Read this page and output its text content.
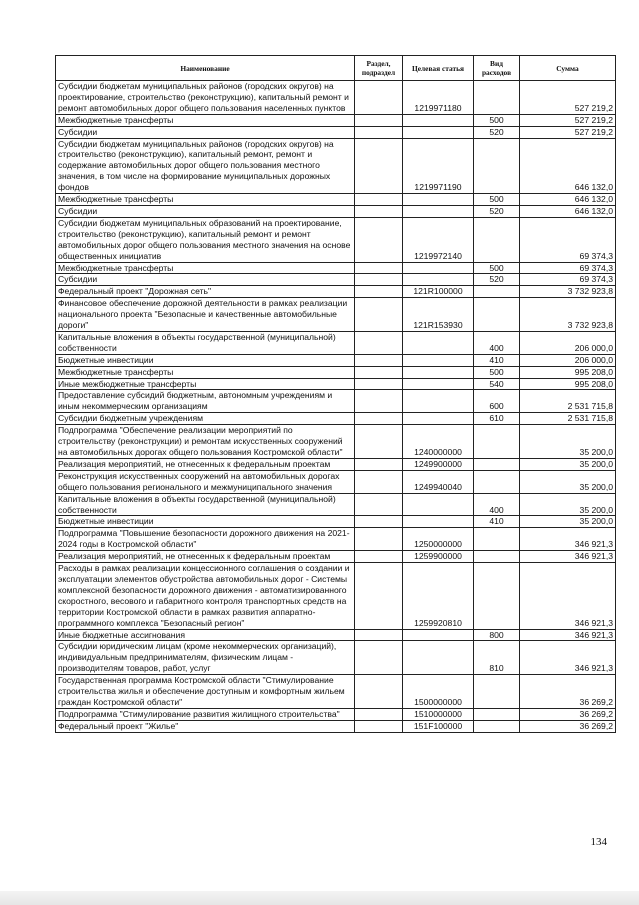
Наименование	Раздел, подраздел	Целевая статья	Вид расходов	Сумма
Субсидии бюджетам муниципальных районов (городских округов) на проектирование, строительство (реконструкцию), капитальный ремонт и ремонт автомобильных дорог общего пользования населенных пунктов		1219971180		527 219,2
Межбюджетные трансферты			500	527 219,2
Субсидии			520	527 219,2
Субсидии бюджетам муниципальных районов (городских округов) на строительство (реконструкцию), капитальный ремонт, ремонт и содержание автомобильных дорог общего пользования местного значения, в том числе на формирование муниципальных дорожных фондов		1219971190		646 132,0
Межбюджетные трансферты			500	646 132,0
Субсидии			520	646 132,0
Субсидии бюджетам муниципальных образований на проектирование, строительство (реконструкцию), капитальный ремонт и ремонт автомобильных дорог общего пользования местного значения на основе общественных инициатив		1219972140		69 374,3
Межбюджетные трансферты			500	69 374,3
Субсидии			520	69 374,3
Федеральный проект "Дорожная сеть"		121R100000		3 732 923,8
Финансовое обеспечение дорожной деятельности в рамках реализации национального проекта "Безопасные и качественные автомобильные дороги"		121R153930		3 732 923,8
Капитальные вложения в объекты государственной (муниципальной) собственности			400	206 000,0
Бюджетные инвестиции			410	206 000,0
Межбюджетные трансферты			500	995 208,0
Иные межбюджетные трансферты			540	995 208,0
Предоставление субсидий бюджетным, автономным учреждениям и иным некоммерческим организациям			600	2 531 715,8
Субсидии бюджетным учреждениям			610	2 531 715,8
Подпрограмма "Обеспечение реализации мероприятий по строительству (реконструкции) и ремонтам искусственных сооружений на автомобильных дорогах общего пользования Костромской области"		1240000000		35 200,0
Реализация мероприятий, не отнесенных к федеральным проектам		1249900000		35 200,0
Реконструкция искусственных сооружений на автомобильных дорогах общего пользования регионального и межмуниципального значения		1249940040		35 200,0
Капитальные вложения в объекты государственной (муниципальной) собственности			400	35 200,0
Бюджетные инвестиции			410	35 200,0
Подпрограмма "Повышение безопасности дорожного движения на 2021-2024 годы в Костромской области"		1250000000		346 921,3
Реализация мероприятий, не отнесенных к федеральным проектам		1259900000		346 921,3
Расходы в рамках реализации концессионного соглашения о создании и эксплуатации элементов обустройства автомобильных дорог - Системы комплексной безопасности дорожного движения - автоматизированного скоростного, весового и габаритного контроля транспортных средств на территории Костромской области в рамках развития аппаратно-программного комплекса "Безопасный регион"		1259920810		346 921,3
Иные бюджетные ассигнования			800	346 921,3
Субсидии юридическим лицам (кроме некоммерческих организаций), индивидуальным предпринимателям, физическим лицам - производителям товаров, работ, услуг			810	346 921,3
Государственная программа Костромской области "Стимулирование строительства жилья и обеспечение доступным и комфортным жильем граждан Костромской области"		1500000000		36 269,2
Подпрограмма "Стимулирование развития жилищного строительства"		1510000000		36 269,2
Федеральный проект "Жилье"		151F100000		36 269,2
134
